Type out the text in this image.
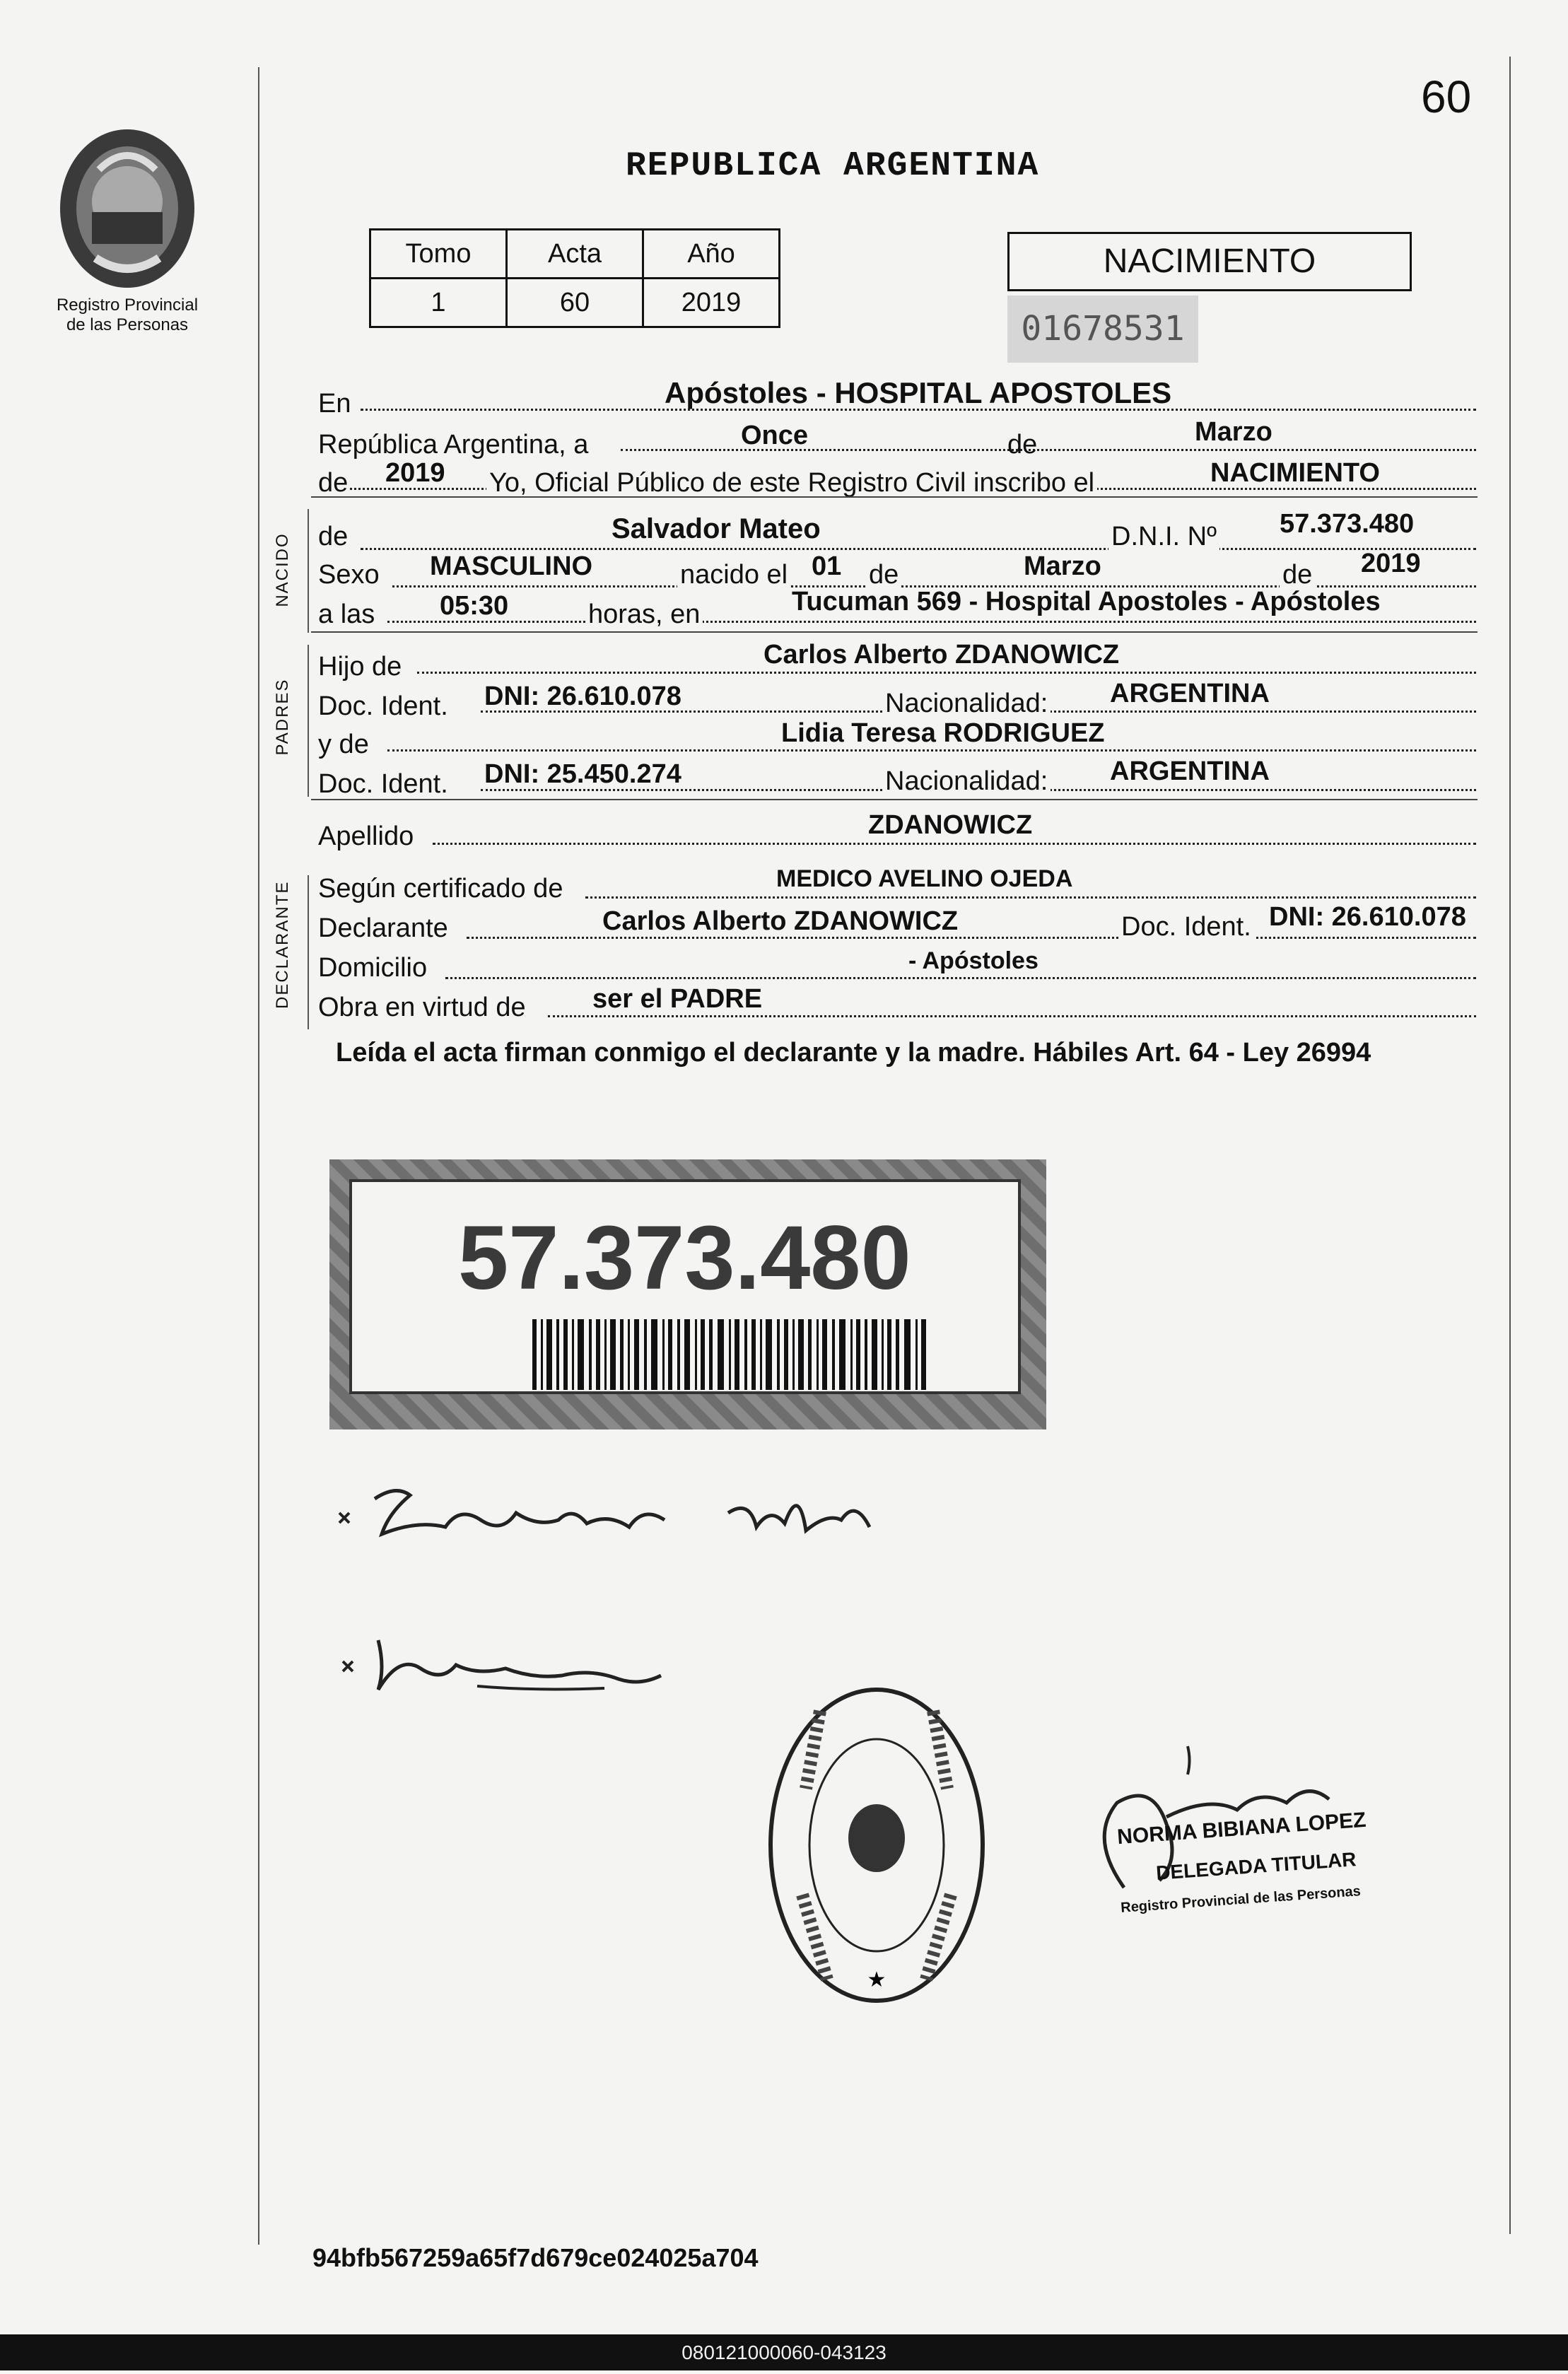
60
Registro Provincial
de las Personas
REPUBLICA ARGENTINA
Tomo	Acta	Año
1	60	2019
NACIMIENTO
01678531
En	Apóstoles - HOSPITAL APOSTOLES
República Argentina, a	Once	de	Marzo
de 2019 Yo, Oficial Público de este Registro Civil inscribo el	NACIMIENTO
NACIDO de	Salvador Mateo	D.N.I. Nº 57.373.480
Sexo MASCULINO	nacido el 01 de	Marzo	de 2019
a las 05:30	horas, en	Tucuman 569 - Hospital Apostoles - Apóstoles
PADRES
Hijo de	Carlos Alberto ZDANOWICZ
Doc. Ident. DNI: 26.610.078	Nacionalidad: ARGENTINA
y de	Lidia Teresa RODRIGUEZ
Doc. Ident. DNI: 25.450.274	Nacionalidad: ARGENTINA
Apellido	ZDANOWICZ
DECLARANTE Según certificado de	MEDICO AVELINO OJEDA
Declarante	Carlos Alberto ZDANOWICZ	Doc. Ident. DNI: 26.610.078
Domicilio	- Apóstoles
Obra en virtud de ser el PADRE
Leída el acta firman conmigo el declarante y la madre. Hábiles Art. 64 - Ley 26994
57.373.480
★
NORMA BIBIANA LOPEZ
DELEGADA TITULAR
Registro Provincial de las Personas
94bfb567259a65f7d679ce024025a704
080121000060-043123
